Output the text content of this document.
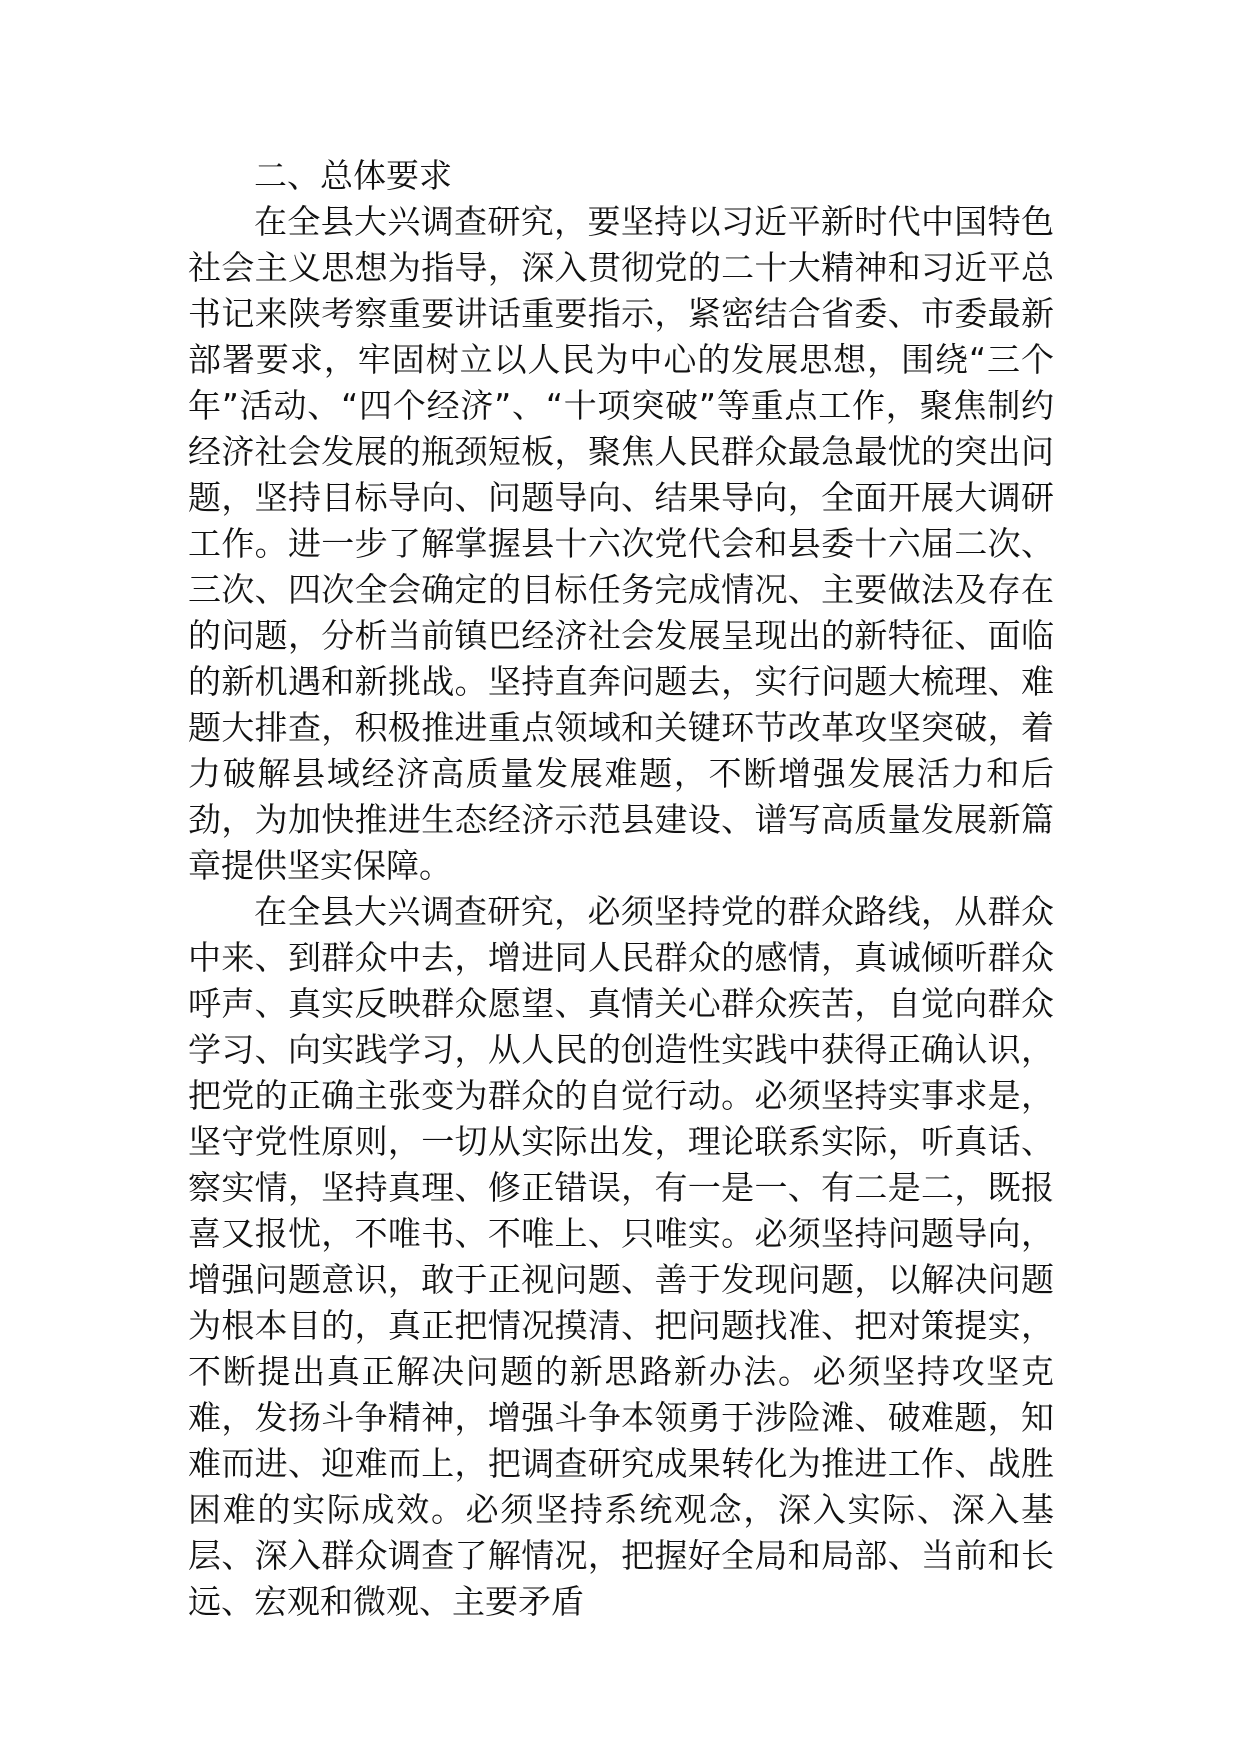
二、总体要求

在全县大兴调查研究，要坚持以习近平新时代中国特色社会主义思想为指导，深入贯彻党的二十大精神和习近平总书记来陕考察重要讲话重要指示，紧密结合省委、市委最新部署要求，牢固树立以人民为中心的发展思想，围绕“三个年”活动、“四个经济”、“十项突破”等重点工作，聚焦制约经济社会发展的瓶颈短板，聚焦人民群众最急最忧的突出问题，坚持目标导向、问题导向、结果导向，全面开展大调研工作。进一步了解掌握县十六次党代会和县委十六届二次、三次、四次全会确定的目标任务完成情况、主要做法及存在的问题，分析当前镇巴经济社会发展呈现出的新特征、面临的新机遇和新挑战。坚持直奔问题去，实行问题大梳理、难题大排查，积极推进重点领域和关键环节改革攻坚突破，着力破解县域经济高质量发展难题，不断增强发展活力和后劲，为加快推进生态经济示范县建设、谱写高质量发展新篇章提供坚实保障。

在全县大兴调查研究，必须坚持党的群众路线，从群众中来、到群众中去，增进同人民群众的感情，真诚倾听群众呼声、真实反映群众愿望、真情关心群众疾苦，自觉向群众学习、向实践学习，从人民的创造性实践中获得正确认识，把党的正确主张变为群众的自觉行动。必须坚持实事求是，坚守党性原则，一切从实际出发，理论联系实际，听真话、察实情，坚持真理、修正错误，有一是一、有二是二，既报喜又报忧，不唯书、不唯上、只唯实。必须坚持问题导向，增强问题意识，敢于正视问题、善于发现问题，以解决问题为根本目的，真正把情况摸清、把问题找准、把对策提实，不断提出真正解决问题的新思路新办法。必须坚持攻坚克难，发扬斗争精神，增强斗争本领勇于涉险滩、破难题，知难而进、迎难而上，把调查研究成果转化为推进工作、战胜困难的实际成效。必须坚持系统观念，深入实际、深入基层、深入群众调查了解情况，把握好全局和局部、当前和长远、宏观和微观、主要矛盾
